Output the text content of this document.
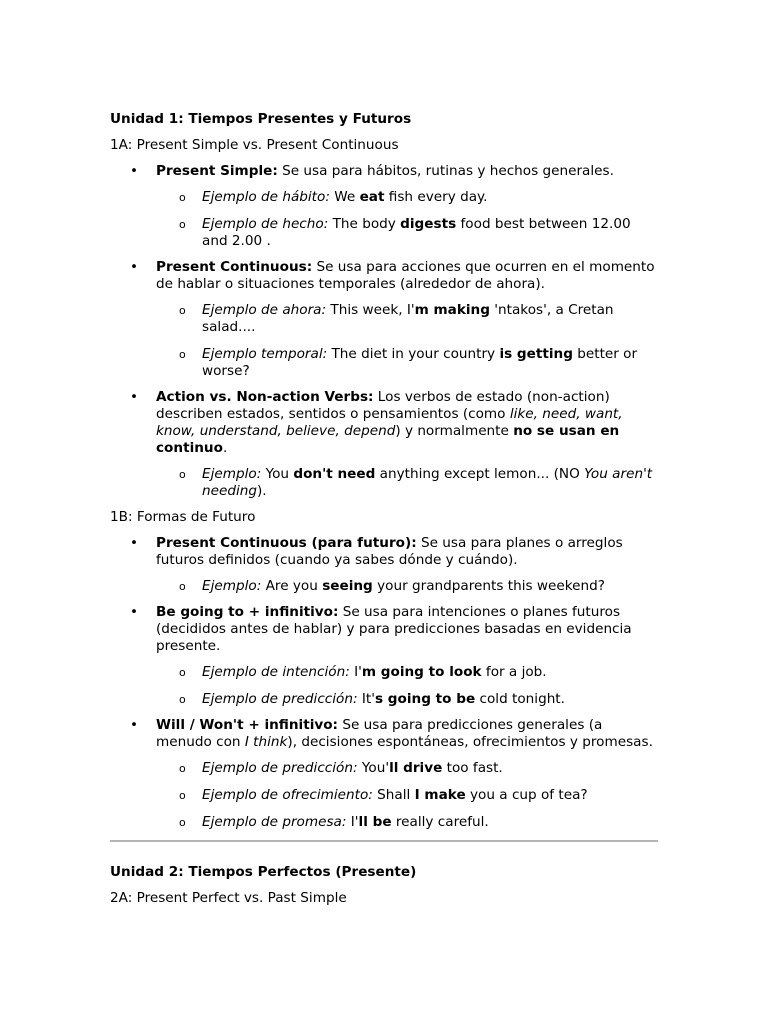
Unidad 1: Tiempos Presentes y Futuros
1A: Present Simple vs. Present Continuous
• Present Simple: Se usa para hábitos, rutinas y hechos generales.
o Ejemplo de hábito: We eat fish every day.
o Ejemplo de hecho: The body digests food best between 12.00 and 2.00 .
• Present Continuous: Se usa para acciones que ocurren en el momento de hablar o situaciones temporales (alrededor de ahora).
o Ejemplo de ahora: This week, I'm making 'ntakos', a Cretan salad....
o Ejemplo temporal: The diet in your country is getting better or worse?
• Action vs. Non-action Verbs: Los verbos de estado (non-action) describen estados, sentidos o pensamientos (como like, need, want, know, understand, believe, depend) y normalmente no se usan en continuo.
o Ejemplo: You don't need anything except lemon... (NO You aren't needing).
1B: Formas de Futuro
• Present Continuous (para futuro): Se usa para planes o arreglos futuros definidos (cuando ya sabes dónde y cuándo).
o Ejemplo: Are you seeing your grandparents this weekend?
• Be going to + infinitivo: Se usa para intenciones o planes futuros (decididos antes de hablar) y para predicciones basadas en evidencia presente.
o Ejemplo de intención: I'm going to look for a job.
o Ejemplo de predicción: It's going to be cold tonight.
• Will / Won't + infinitivo: Se usa para predicciones generales (a menudo con I think), decisiones espontáneas, ofrecimientos y promesas.
o Ejemplo de predicción: You'll drive too fast.
o Ejemplo de ofrecimiento: Shall I make you a cup of tea?
o Ejemplo de promesa: I'll be really careful.
Unidad 2: Tiempos Perfectos (Presente)
2A: Present Perfect vs. Past Simple
